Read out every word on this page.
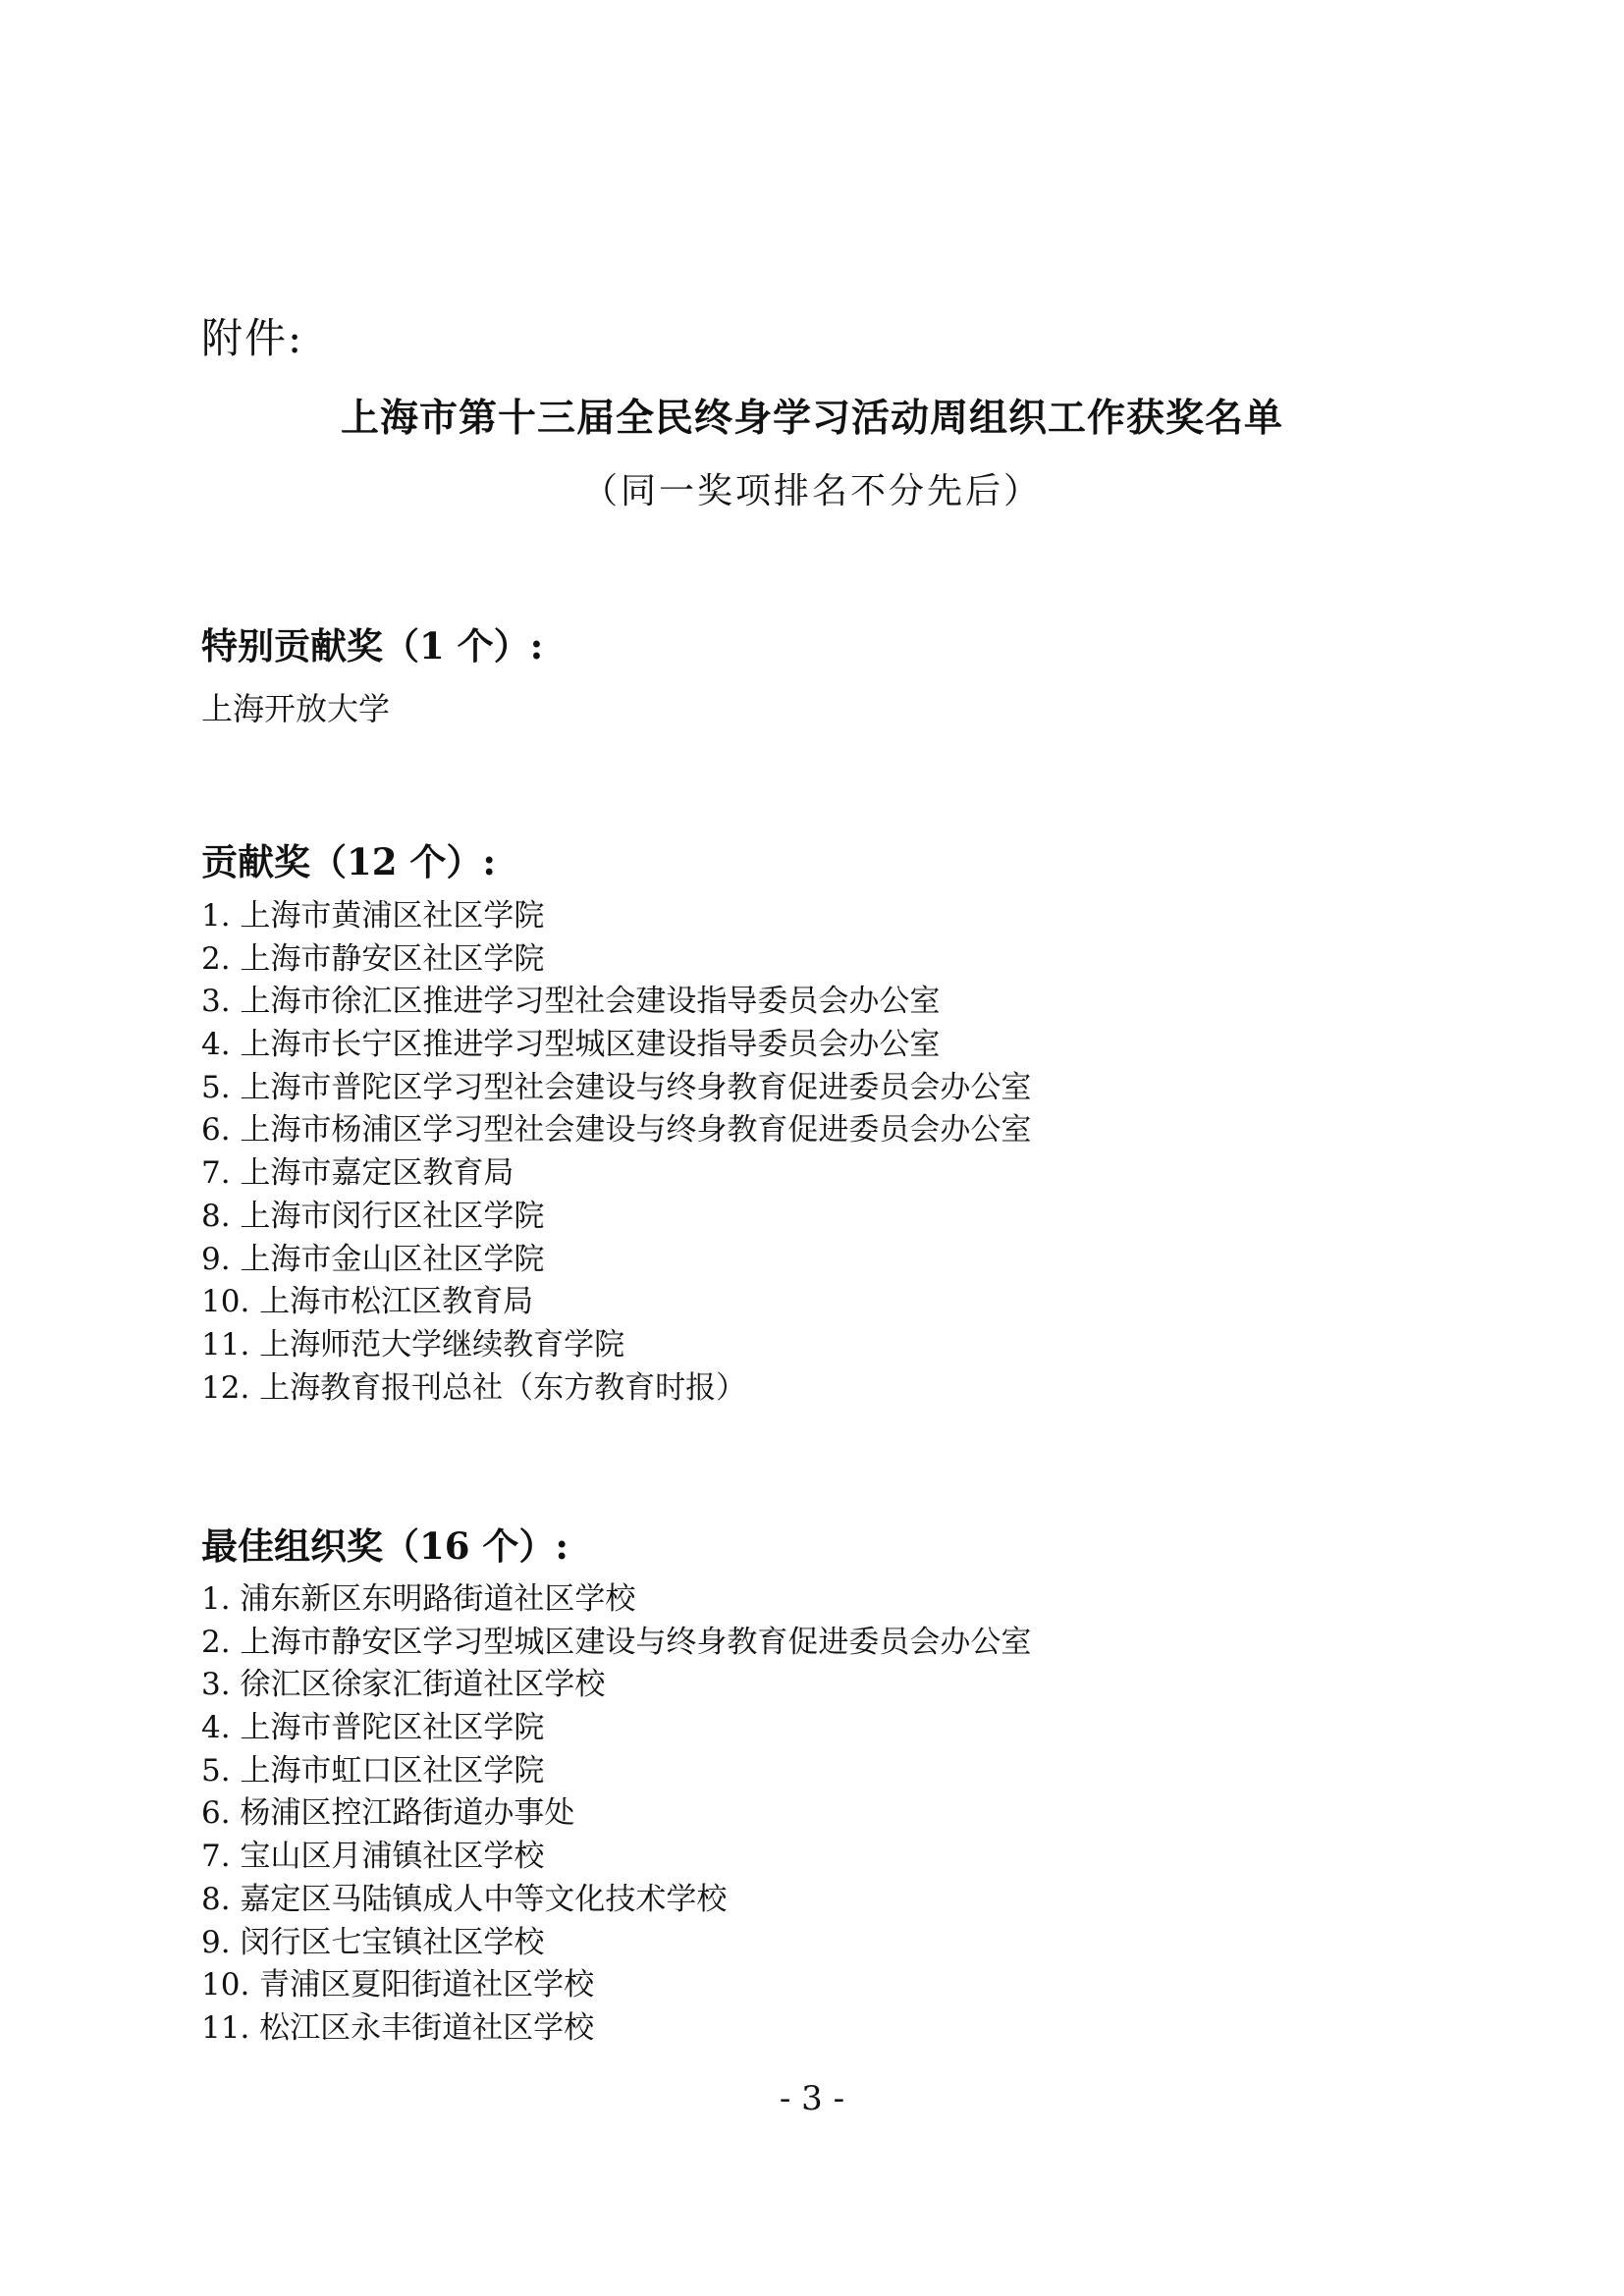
附件:
上海市第十三届全民终身学习活动周组织工作获奖名单
（同一奖项排名不分先后）
特别贡献奖（1 个）:
上海开放大学
贡献奖（12 个）:
1. 上海市黄浦区社区学院
2. 上海市静安区社区学院
3. 上海市徐汇区推进学习型社会建设指导委员会办公室
4. 上海市长宁区推进学习型城区建设指导委员会办公室
5. 上海市普陀区学习型社会建设与终身教育促进委员会办公室
6. 上海市杨浦区学习型社会建设与终身教育促进委员会办公室
7. 上海市嘉定区教育局
8. 上海市闵行区社区学院
9. 上海市金山区社区学院
10. 上海市松江区教育局
11. 上海师范大学继续教育学院
12. 上海教育报刊总社（东方教育时报）
最佳组织奖（16 个）:
1. 浦东新区东明路街道社区学校
2. 上海市静安区学习型城区建设与终身教育促进委员会办公室
3. 徐汇区徐家汇街道社区学校
4. 上海市普陀区社区学院
5. 上海市虹口区社区学院
6. 杨浦区控江路街道办事处
7. 宝山区月浦镇社区学校
8. 嘉定区马陆镇成人中等文化技术学校
9. 闵行区七宝镇社区学校
10. 青浦区夏阳街道社区学校
11. 松江区永丰街道社区学校
- 3 -
